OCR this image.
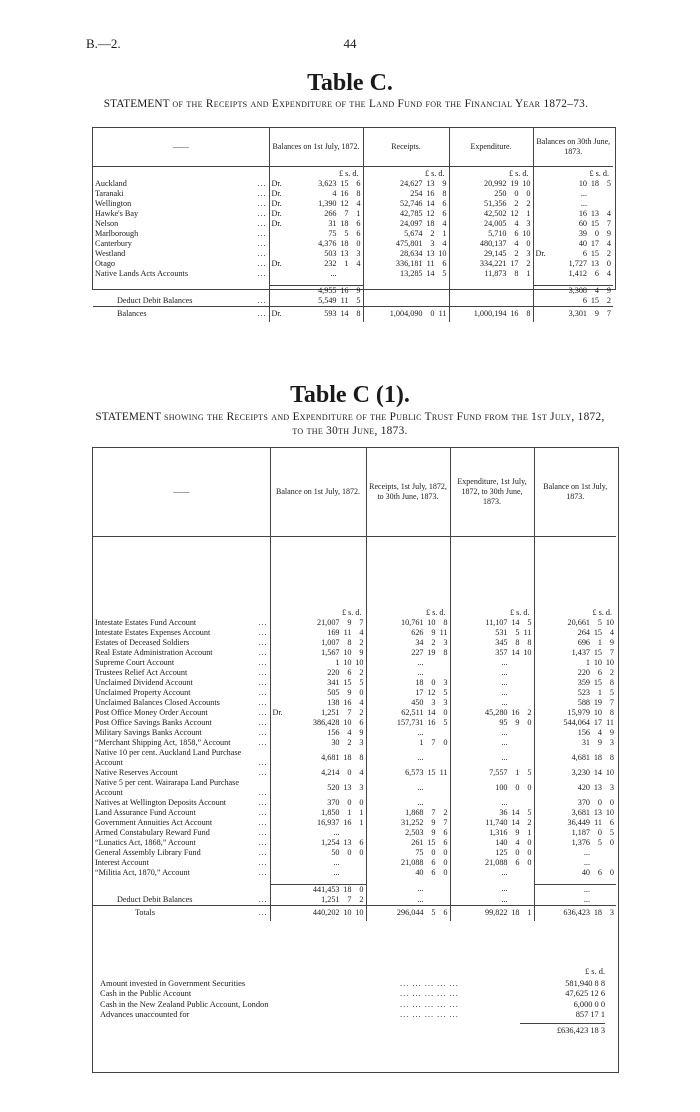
B.—2.	44
Table C.

STATEMENT of the Receipts and Expenditure of the Land Fund for the Financial Year 1872–73.

——	Balances on 1st July, 1872.	Receipts.	Expenditure.	Balances on 30th June, 1873.
	£ s. d.	£ s. d.	£ s. d.	£ s. d.
Auckland ...	Dr. 3,623 15 6	24,627 13 9	20,992 19 10	10 18 5
Taranaki ...	Dr. 4 16 8	254 16 8	250 0 0	...
Wellington ...	Dr. 1,390 12 4	52,746 14 6	51,356 2 2	...
Hawke's Bay ...	Dr. 266 7 1	42,785 12 6	42,502 12 1	16 13 4
Nelson ...	Dr. 31 18 6	24,097 18 4	24,005 4 3	60 15 7
Marlborough ...	75 5 6	5,674 2 1	5,710 6 10	39 0 9
Canterbury ...	4,376 18 0	475,801 3 4	480,137 4 0	40 17 4
Westland ...	503 13 3	28,634 13 10	29,145 2 3	Dr. 6 15 2
Otago ...	Dr. 232 1 4	336,181 11 6	334,221 17 2	1,727 13 0
Native Lands Acts Accounts ...	...	13,285 14 5	11,873 8 1	1,412 6 4

4,955 16 9			3,308 4 9
Deduct Debit Balances ...	5,549 11 5			6 15 2
Balances ...	Dr. 593 14 8	1,004,090 0 11	1,000,194 16 8	3,301 9 7
Table C (1).

STATEMENT showing the Receipts and Expenditure of the Public Trust Fund from the 1st July, 1872, to the 30th June, 1873.

——	Balance on 1st July, 1872.	Receipts, 1st July, 1872, to 30th June, 1873.	Expenditure, 1st July, 1872, to 30th June, 1873.	Balance on 1st July, 1873.
	£ s. d.	£ s. d.	£ s. d.	£ s. d.
Intestate Estates Fund Account ...	21,007 9 7	10,761 10 8	11,107 14 5	20,661 5 10
Intestate Estates Expenses Account ...	169 11 4	626 9 11	531 5 11	264 15 4
Estates of Deceased Soldiers ...	1,007 8 2	34 2 3	345 8 8	696 1 9
Real Estate Administration Account ...	1,567 10 9	227 19 8	357 14 10	1,437 15 7
Supreme Court Account ...	1 10 10	...	...	1 10 10
Trustees Relief Act Account ...	220 6 2	...	...	220 6 2
Unclaimed Dividend Account ...	341 15 5	18 0 3	...	359 15 8
Unclaimed Property Account ...	505 9 0	17 12 5	...	523 1 5
Unclaimed Balances Closed Accounts ...	138 16 4	450 3 3	...	588 19 7
Post Office Money Order Account ...	Dr. 1,251 7 2	62,511 14 0	45,280 16 2	15,979 10 8
Post Office Savings Banks Account ...	386,428 10 6	157,731 16 5	95 9 0	544,064 17 11
Military Savings Banks Account ...	156 4 9	...	...	156 4 9
“Merchant Shipping Act, 1858,” Account ...	30 2 3	1 7 0	...	31 9 3
Native 10 per cent. Auckland Land Purchase Account ...	4,681 18 8	...	...	4,681 18 8
Native Reserves Account ...	4,214 0 4	6,573 15 11	7,557 1 5	3,230 14 10
Native 5 per cent. Wairarapa Land Purchase Account ...	520 13 3	...	100 0 0	420 13 3
Natives at Wellington Deposits Account ...	370 0 0	...	...	370 0 0
Land Assurance Fund Account ...	1,850 1 1	1,868 7 2	36 14 5	3,681 13 10
Government Annuities Act Account ...	16,937 16 1	31,252 9 7	11,740 14 2	36,449 11 6
Armed Constabulary Reward Fund ...	...	2,503 9 6	1,316 9 1	1,187 0 5
“Lunatics Act, 1868,” Account ...	1,254 13 6	261 15 6	140 4 0	1,376 5 0
General Assembly Library Fund ...	50 0 0	75 0 0	125 0 0	...
Interest Account ...	...	21,088 6 0	21,088 6 0	...
“Militia Act, 1870,” Account ...	...	40 6 0	...	40 6 0

441,453 18 0	...	...	...
Deduct Debit Balances ...	1,251 7 2	...	...	...
Totals ...	440,202 10 10	296,044 5 6	99,822 18 1	636,423 18 3
£ s. d.
Amount invested in Government Securities	... ... ... ... ...	581,940 8 8
Cash in the Public Account	... ... ... ... ...	47,625 12 6
Cash in the New Zealand Public Account, London	... ... ... ... ...	6,000 0 0
Advances unaccounted for	... ... ... ... ...	857 17 1
£636,423 18 3
